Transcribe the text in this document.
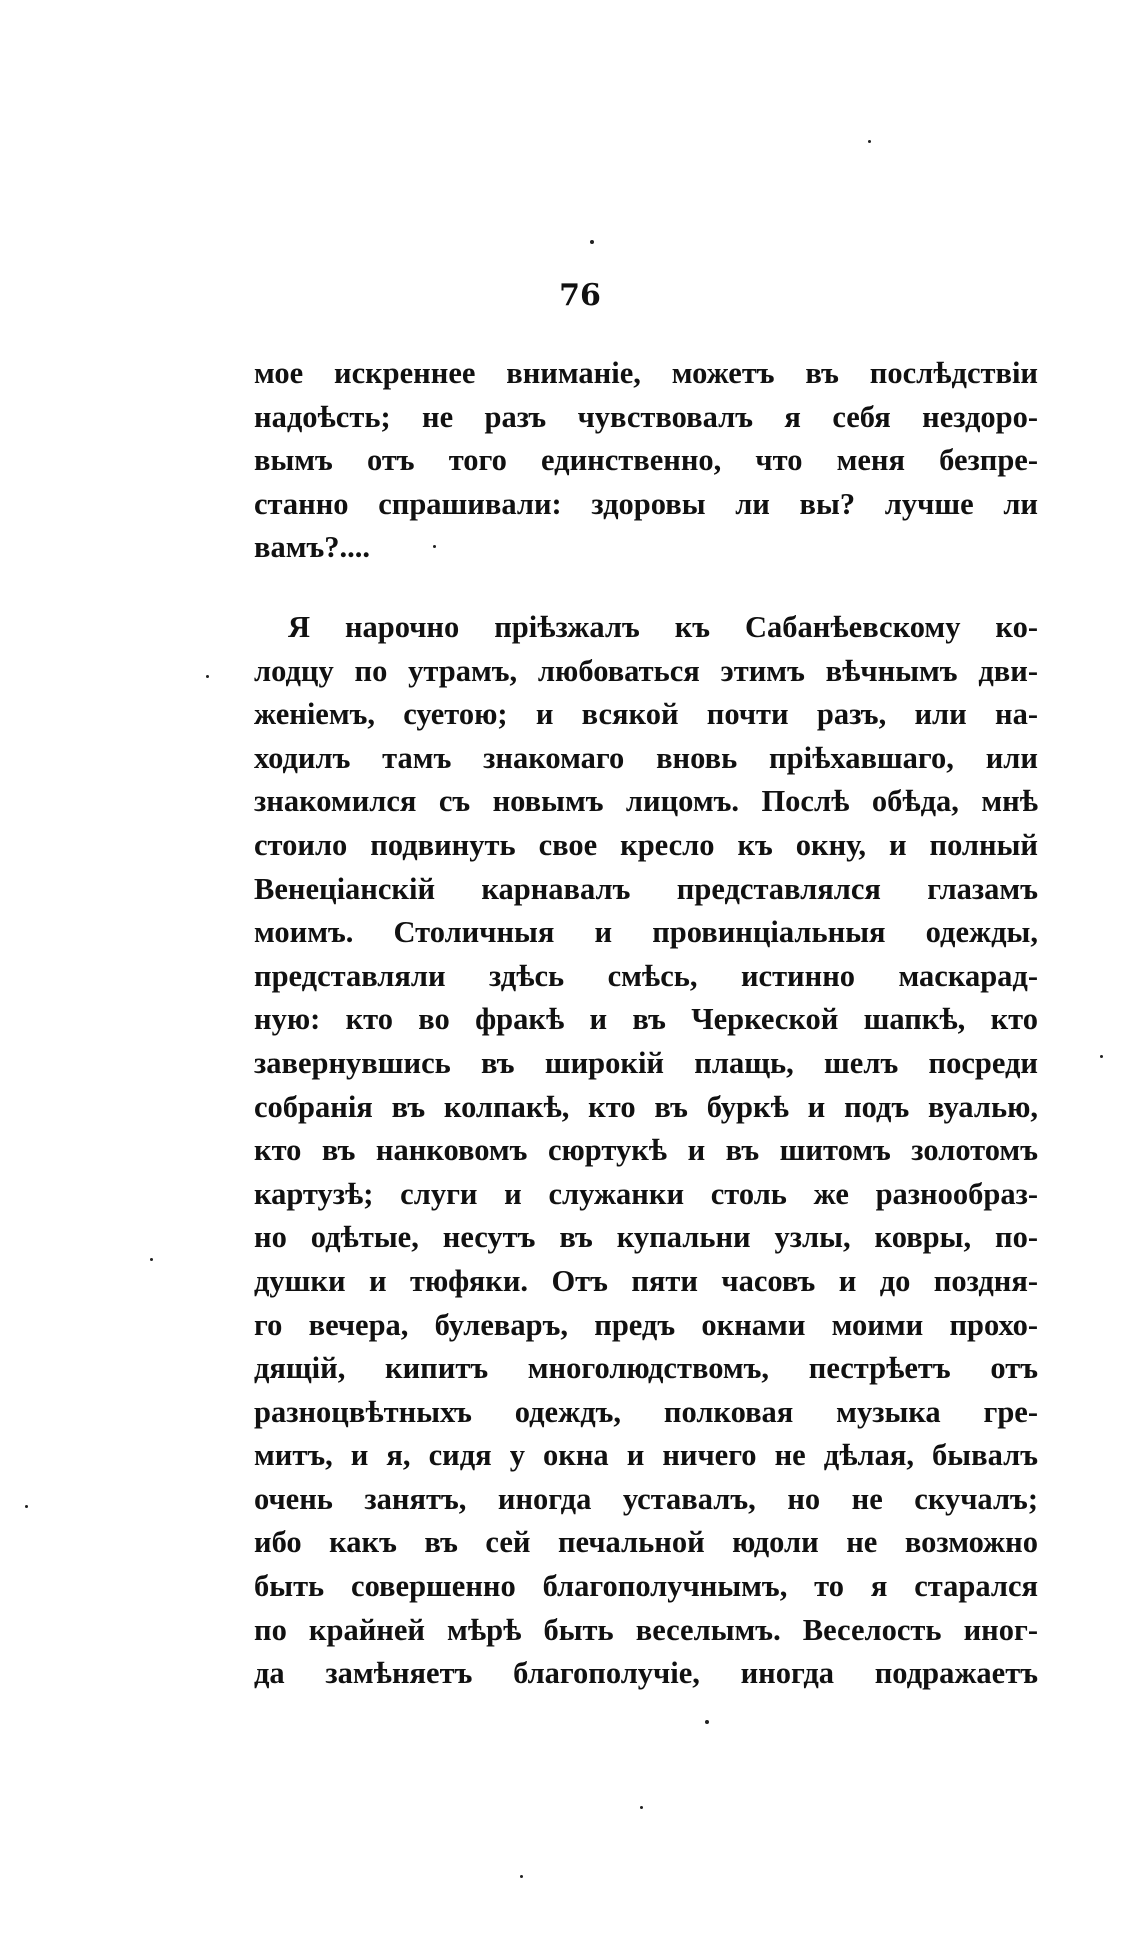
76
мое искреннее вниманіе, можетъ въ послѣдствіи
надоѣсть; не разъ чувствовалъ я себя нездоро-
вымъ отъ того единственно, что меня безпре-
станно спрашивали: здоровы ли вы? лучше ли
вамъ?....
Я нарочно пріѣзжалъ къ Сабанѣевскому ко-
лодцу по утрамъ, любоваться этимъ вѣчнымъ дви-
женіемъ, суетою; и всякой почти разъ, или на-
ходилъ тамъ знакомаго вновь пріѣхавшаго, или
знакомился съ новымъ лицомъ. Послѣ обѣда, мнѣ
стоило подвинуть свое кресло къ окну, и полный
Венеціанскій карнавалъ представлялся глазамъ
моимъ. Столичныя и провинціальныя одежды,
представляли здѣсь смѣсь, истинно маскарад-
ную: кто во фракѣ и въ Черкеской шапкѣ, кто
завернувшись въ широкій плащь, шелъ посреди
собранія въ колпакѣ, кто въ буркѣ и подъ вуалью,
кто въ нанковомъ сюртукѣ и въ шитомъ золотомъ
картузѣ; слуги и служанки столь же разнообраз-
но одѣтые, несутъ въ купальни узлы, ковры, по-
душки и тюфяки. Отъ пяти часовъ и до поздня-
го вечера, булеваръ, предъ окнами моими прохо-
дящій, кипитъ многолюдствомъ, пестрѣетъ отъ
разноцвѣтныхъ одеждъ, полковая музыка гре-
митъ, и я, сидя у окна и ничего не дѣлая, бывалъ
очень занятъ, иногда уставалъ, но не скучалъ;
ибо какъ въ сей печальной юдоли не возможно
быть совершенно благополучнымъ, то я старался
по крайней мѣрѣ быть веселымъ. Веселость иног-
да замѣняетъ благополучіе, иногда подражаетъ
